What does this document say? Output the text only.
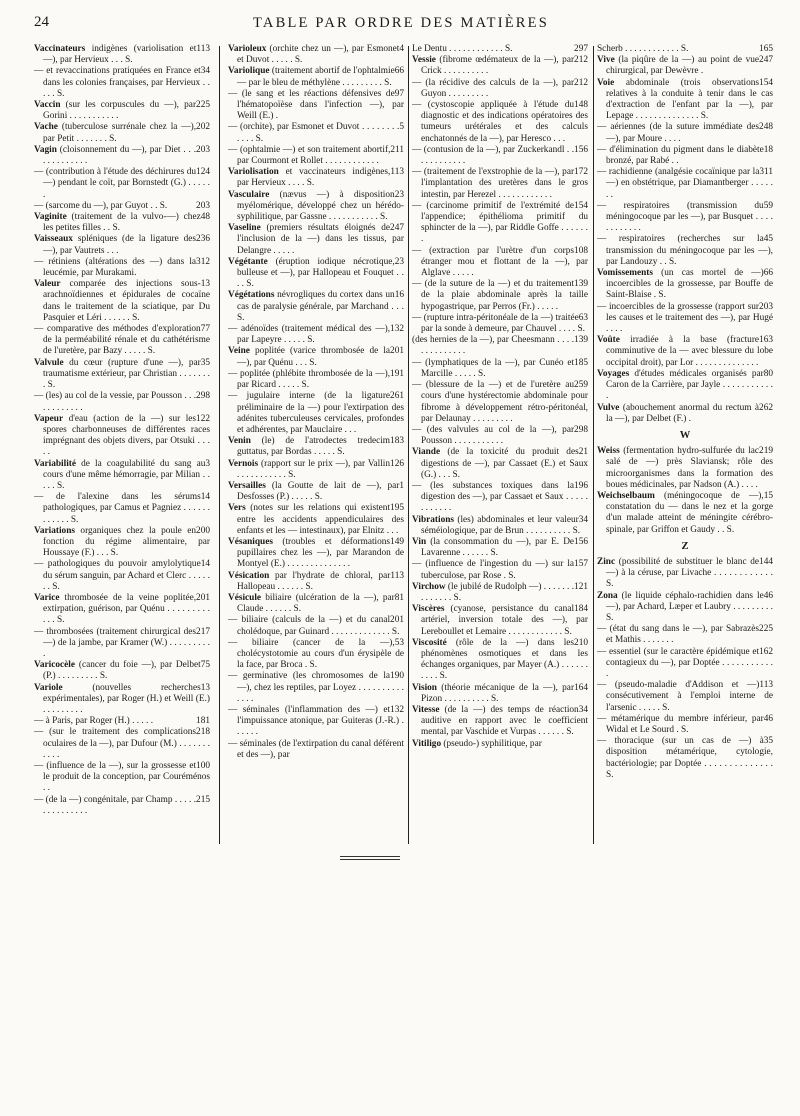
24	TABLE PAR ORDRE DES MATIÈRES

113
Vaccinateurs indigènes (variolisation et —), par Hervieux . . . S.

34
— et revaccinations pratiquées en France et dans les colonies françaises, par Hervieux . . . . . S.

225
Vaccin (sur les corpuscules du —), par Gorini . . . . . . . . . . .

202
Vache (tuberculose surrénale chez la —), par Petit . . . . . . . S.

203
Vagin (cloisonnement du —), par Diet . . . . . . . . . . . . .

124
— (contribution à l'étude des déchirures du —) pendant le coït, par Bornstedt (G.) . . . . . .

203
— (sarcome du —), par Guyot . . S.

48
Vaginite (traitement de la vulvo-—) chez les petites filles . . S.

236
Vaisseaux spléniques (de la ligature des —), par Vautrets . . .

312
— rétiniens (altérations des —) dans la leucémie, par Murakami.

13
Valeur comparée des injections sous-arachnoïdiennes et épidurales de cocaïne dans le traitement de la sciatique, par Du Pasquier et Léri . . . . . . S.

77
— comparative des méthodes d'exploration de la perméabilité rénale et du cathétérisme de l'uretère, par Bazy . . . . . S.

35
Valvule du cœur (rupture d'une —), par traumatisme extérieur, par Christian . . . . . . . . S.

298
— (les) au col de la vessie, par Pousson . . . . . . . . . . . .

122
Vapeur d'eau (action de la —) sur les spores charbonneuses de différentes races imprégnant des objets divers, par Otsuki . . . . .

3
Variabilité de la coagulabilité du sang au cours d'une même hémorragie, par Milian . . . . . S.

14
— de l'alexine dans les sérums pathologiques, par Camus et Pagniez . . . . . . . . . . . . S.

200
Variations organiques chez la poule en fonction du régime alimentaire, par Houssaye (F.) . . . S.

14
— pathologiques du pouvoir amylolytique du sérum sanguin, par Achard et Clerc . . . . . . . S.

201
Varice thrombosée de la veine poplitée, extirpation, guérison, par Quénu . . . . . . . . . . . . S.

217
— thrombosées (traitement chirurgical des —) de la jambe, par Kramer (W.) . . . . . . . . . .

75
Varicocèle (cancer du foie —), par Delbet (P.) . . . . . . . . . S.

13
Variole (nouvelles recherches expérimentales), par Roger (H.) et Weill (E.) . . . . . . . . .

181
— à Paris, par Roger (H.) . . . . .

218
— (sur le traitement des complications oculaires de la —), par Dufour (M.) . . . . . . . . . . .

100
— (influence de la —), sur la grossesse et le produit de la conception, par Couréménos . .

215
— (de la —) congénitale, par Champ . . . . . . . . . . . . . . .

4
Varioleux (orchite chez un —), par Esmonet et Duvot . . . . . S.

66
Variolique (traitement abortif de l'ophtalmie — par le bleu de méthylène . . . . . . . . . S.

97
— (le sang et les réactions défensives de l'hématopoïèse dans l'infection —), par Weill (E.) .

5
— (orchite), par Esmonet et Duvot . . . . . . . . . . . . S.

211
— (ophtalmie —) et son traitement abortif, par Courmont et Rollet . . . . . . . . . . . .

113
Variolisation et vaccinateurs indigènes, par Hervieux . . . . S.

23
Vasculaire (nævus —) à disposition myélomérique, développé chez un hérédo-syphilitique, par Gassne . . . . . . . . . . . S.

247
Vaseline (premiers résultats éloignés de l'inclusion de la —) dans les tissus, par Delangre . . . . .

23
Végétante (éruption iodique nécrotique, bulleuse et —), par Hallopeau et Fouquet . . . . S.

16
Végétations névrogliques du cortex dans un cas de paralysie générale, par Marchand . . . S.

132
— adénoïdes (traitement médical des —), par Lapeyre . . . . . S.

201
Veine poplitée (varice thrombosée de la —), par Quénu . . . S.

191
— poplitée (phlébite thrombosée de la —), par Ricard . . . . . S.

261
— jugulaire interne (de la ligature préliminaire de la —) pour l'extirpation des adénites tuberculeuses cervicales, profondes et adhérentes, par Mauclaire . . .

183
Venin (le) de l'atrodectes tredecim guttatus, par Bordas . . . . . S.

126
Vernois (rapport sur le prix —), par Vallin . . . . . . . . . . . S.

1
Versailles (la Goutte de lait de —), par Desfosses (P.) . . . . . S.

195
Vers (notes sur les relations qui existent entre les accidents appendiculaires des enfants et les — intestinaux), par Elnitz . . .

149
Vésaniques (troubles et déformations pupillaires chez les —), par Marandon de Montyel (E.) . . . . . . . . . . . . . .

113
Vésication par l'hydrate de chloral, par Hallopeau . . . . . . S.

81
Vésicule biliaire (ulcération de la —), par Claude . . . . . . S.

201
— biliaire (calculs de la —) et du canal cholédoque, par Guinard . . . . . . . . . . . . . S.

53
— biliaire (cancer de la —), cholécystotomie au cours d'un érysipèle de la face, par Broca . S.

190
— germinative (les chromosomes de la —), chez les reptiles, par Loyez . . . . . . . . . . . . . .

132
— séminales (l'inflammation des —) et l'impuissance atonique, par Guiteras (J.-R.) . . . . . .

— séminales (de l'extirpation du canal déférent et des —), par

297
Le Dentu . . . . . . . . . . . . S.

212
Vessie (fibrome œdémateux de la —), par Crick . . . . . . . . . .

212
— (la récidive des calculs de la —), par Guyon . . . . . . . . .

148
— (cystoscopie appliquée à l'étude du diagnostic et des indications opératoires des tumeurs urétérales et des calculs enchatonnés de la —), par Heresco . . .

156
— (contusion de la —), par Zuckerkandl . . . . . . . . . . . .

172
— (traitement de l'exstrophie de la —), par l'implantation des uretères dans le gros intestin, par Herezel . . . . . . . . . . . .

154
— (carcinome primitif de l'extrémité de l'appendice; épithélioma primitif du sphincter de la —), par Riddle Goffe . . . . . . .

108
— (extraction par l'urètre d'un corps étranger mou et flottant de la —), par Alglave . . . . .

139
— (de la suture de la —) et du traitement de la plaie abdominale après la taille hypogastrique, par Perros (Fr.) . . . . .

63
— (rupture intra-péritonéale de la —) traitée par la sonde à demeure, par Chauvel . . . . S.

139
(des hernies de la —), par Cheesmann . . . . . . . . . . . . . .

185
— (lymphatiques de la —), par Cunéo et Marcille . . . . . S.

259
— (blessure de la —) et de l'uretère au cours d'une hystérectomie abdominale pour fibrome à développement rétro-péritonéal, par Delaunay . . . . . . . . .

298
— (des valvules au col de la —), par Pousson . . . . . . . . . . .

21
Viande (de la toxicité du produit des digestions de —), par Cassaet (E.) et Saux (G.) . . . S.

196
— (les substances toxiques dans la digestion des —), par Cassaet et Saux . . . . . . . . . . . .

34
Vibrations (les) abdominales et leur valeur séméiologique, par de Brun . . . . . . . . . . S.

156
Vin (la consommation du —), par E. De Lavarenne . . . . . . S.

157
— (influence de l'ingestion du —) sur la tuberculose, par Rose . S.

121
Virchow (le jubilé de Rudolph —) . . . . . . . . . . . . . . S.

184
Viscères (cyanose, persistance du canal artériel, inversion totale des —), par Lereboullet et Lemaire . . . . . . . . . . . . S.

210
Viscosité (rôle de la —) dans les phénomènes osmotiques et dans les échanges organiques, par Mayer (A.) . . . . . . . . . . S.

164
Vision (théorie mécanique de la —), par Pizon . . . . . . . . . . S.

34
Vitesse (de la —) des temps de réaction auditive en rapport avec le coefficient mental, par Vaschide et Vurpas . . . . . . S.

Vitiligo (pseudo-) syphilitique, par

165
Scherb . . . . . . . . . . . . S.

247
Vive (la piqûre de la —) au point de vue chirurgical, par Dewèvre .

154
Voie abdominale (trois observations relatives à la conduite à tenir dans le cas d'extraction de l'enfant par la —), par Lepage . . . . . . . . . . . . . . S.

248
— aériennes (de la suture immédiate des —), par Moure . . . .

18
— d'élimination du pigment dans le diabète bronzé, par Rabé . .

311
— rachidienne (analgésie cocaïnique par la —) en obstétrique, par Diamantberger . . . . . . .

59
— respiratoires (transmission du méningocoque par les —), par Busquet . . . . . . . . . . . .

45
— respiratoires (recherches sur la transmission du méningocoque par les —), par Landouzy . . S.

66
Vomissements (un cas mortel de —) incoercibles de la grossesse, par Bouffe de Saint-Blaise . S.

203
— incoercibles de la grossesse (rapport sur les causes et le traitement des —), par Hugé . . . .

163
Voûte irradiée à la base (fracture comminutive de la — avec blessure du lobe occipital droit), par Lor . . . . . . . . . . . . . .

80
Voyages d'études médicales organisés par Caron de la Carrière, par Jayle . . . . . . . . . . . .

262
Vulve (abouchement anormal du rectum à la —), par Delbet (F.) .

W

219
Weiss (fermentation hydro-sulfurée du lac salé de —) près Slaviansk; rôle des microorganismes dans la formation des boues médicinales, par Nadson (A.) . . . .

15
Weichselbaum (méningocoque de —), constatation du — dans le nez et la gorge d'un malade atteint de méningite cérébro-spinale, par Griffon et Gaudy . . S.

Z

144
Zinc (possibilité de substituer le blanc de —) à la céruse, par Livache . . . . . . . . . . . . S.

46
Zona (le liquide céphalo-rachidien dans le —), par Achard, Læper et Laubry . . . . . . . . . S.

225
— (état du sang dans le —), par Sabrazès et Mathis . . . . . . .

162
— essentiel (sur le caractère épidémique et contagieux du —), par Doptée . . . . . . . . . . . .

113
— (pseudo-maladie d'Addison et —) consécutivement à l'emploi interne de l'arsenic . . . . . S.

46
— métamérique du membre inférieur, par Widal et Le Sourd . S.

35
— thoracique (sur un cas de —) à disposition métamérique, cytologie, bactériologie; par Doptée . . . . . . . . . . . . . . S.
